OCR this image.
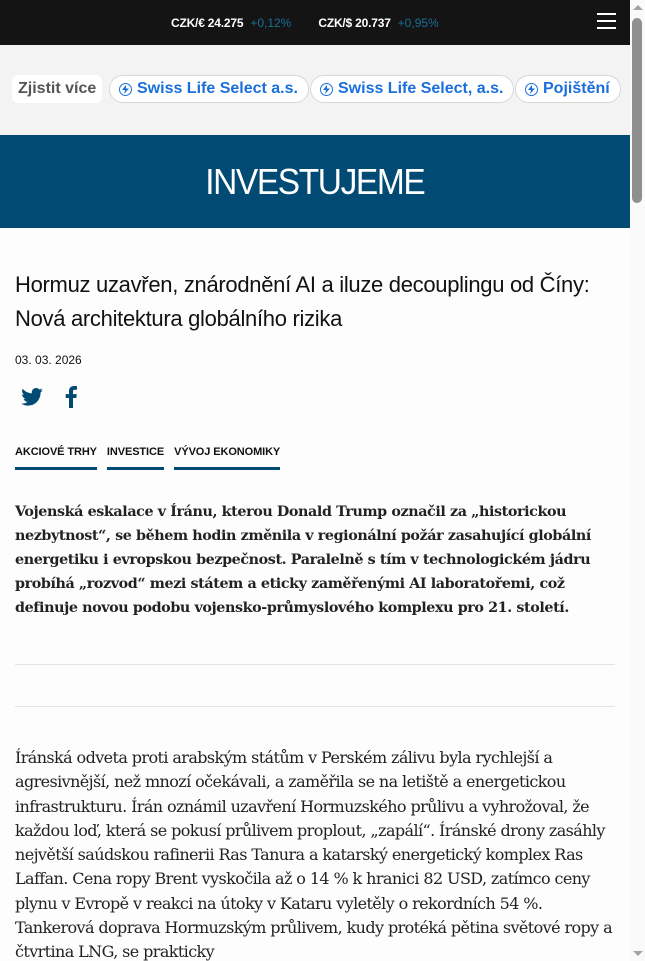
CZK/€ 24.275 +0,12% CZK/$ 20.737 +0,95%
Zjistit více	Swiss Life Select a.s.	Swiss Life Select, a.s. Pojištění
INVESTUJEME
Hormuz uzavřen, znárodnění AI a iluze decouplingu od Číny: Nová architektura globálního rizika
03. 03. 2026
AKCIOVÉ TRHY INVESTICE VÝVOJ EKONOMIKY

Vojenská eskalace v Íránu, kterou Donald Trump označil za „historickou nezbytnost“, se během hodin změnila v regionální požár zasahující globální energetiku i evropskou bezpečnost. Paralelně s tím v technologickém jádru probíhá „rozvod“ mezi státem a eticky zaměřenými AI laboratořemi, což definuje novou podobu vojensko-průmyslového komplexu pro 21. století.

Íránská odveta proti arabským státům v Perském zálivu byla rychlejší a agresivnější, než mnozí očekávali, a zaměřila se na letiště a energetickou infrastrukturu. Írán oznámil uzavření Hormuzského průlivu a vyhrožoval, že každou loď, která se pokusí průlivem proplout, „zapálí“. Íránské drony zasáhly největší saúdskou rafinerii Ras Tanura a katarský energetický komplex Ras Laffan. Cena ropy Brent vyskočila až o 14 % k hranici 82 USD, zatímco ceny plynu v Evropě v reakci na útoky v Kataru vyletěly o rekordních 54 %. Tankerová doprava Hormuzským průlivem, kudy protéká pětina světové ropy a čtvrtina LNG, se prakticky
